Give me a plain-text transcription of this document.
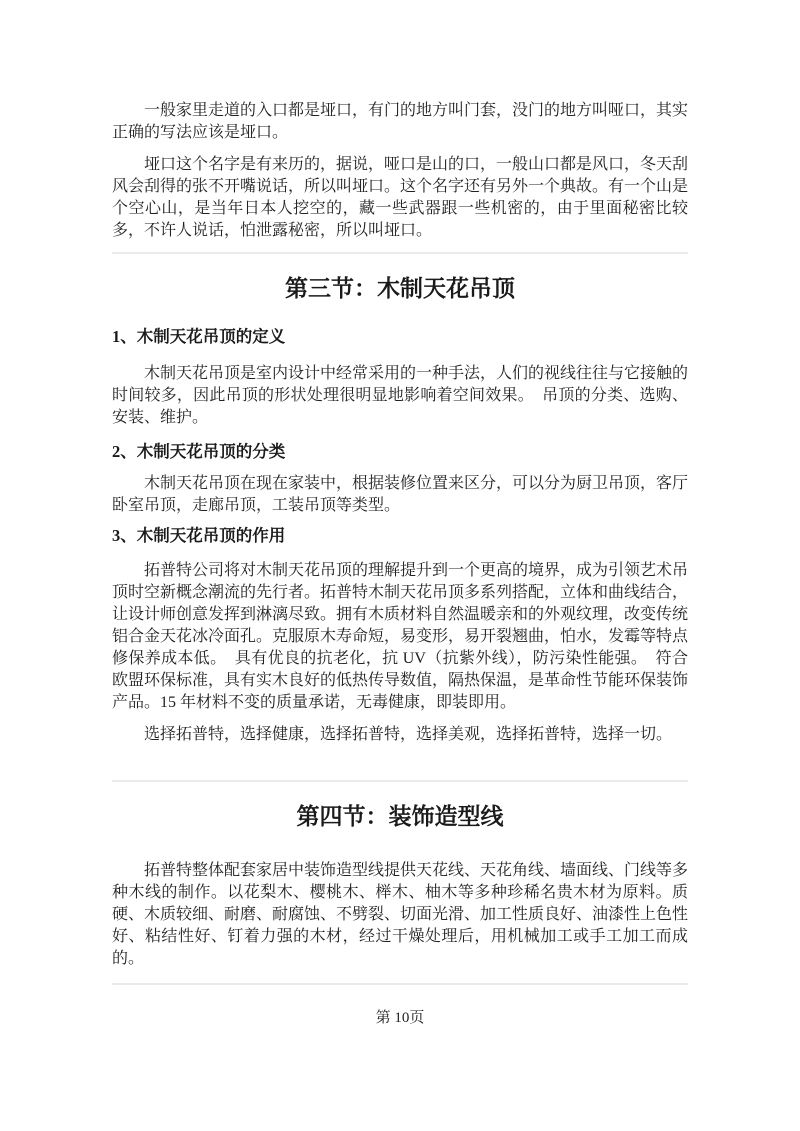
一般家里走道的入口都是垭口，有门的地方叫门套，没门的地方叫哑口，其实正确的写法应该是垭口。

垭口这个名字是有来历的，据说，哑口是山的口，一般山口都是风口，冬天刮风会刮得的张不开嘴说话，所以叫垭口。这个名字还有另外一个典故。有一个山是个空心山，是当年日本人挖空的，藏一些武器跟一些机密的，由于里面秘密比较多，不许人说话，怕泄露秘密，所以叫垭口。

第三节：木制天花吊顶
1、木制天花吊顶的定义

木制天花吊顶是室内设计中经常采用的一种手法，人们的视线往往与它接触的时间较多，因此吊顶的形状处理很明显地影响着空间效果。　吊顶的分类、选购、安装、维护。

2、木制天花吊顶的分类

木制天花吊顶在现在家装中，根据装修位置来区分，可以分为厨卫吊顶，客厅卧室吊顶，走廊吊顶，工装吊顶等类型。

3、木制天花吊顶的作用

拓普特公司将对木制天花吊顶的理解提升到一个更高的境界，成为引领艺术吊顶时空新概念潮流的先行者。拓普特木制天花吊顶多系列搭配，立体和曲线结合，让设计师创意发挥到淋漓尽致。拥有木质材料自然温暖亲和的外观纹理，改变传统铝合金天花冰冷面孔。克服原木寿命短，易变形，易开裂翘曲，怕水，发霉等特点修保养成本低。　具有优良的抗老化，抗 UV（抗紫外线），防污染性能强。　符合欧盟环保标准，具有实木良好的低热传导数值，隔热保温，是革命性节能环保装饰产品。15 年材料不变的质量承诺，无毒健康，即装即用。

选择拓普特，选择健康，选择拓普特，选择美观，选择拓普特，选择一切。

第四节：装饰造型线

拓普特整体配套家居中装饰造型线提供天花线、天花角线、墙面线、门线等多种木线的制作。以花梨木、樱桃木、榉木、柚木等多种珍稀名贵木材为原料。质硬、木质较细、耐磨、耐腐蚀、不劈裂、切面光滑、加工性质良好、油漆性上色性好、粘结性好、钉着力强的木材，经过干燥处理后，用机械加工或手工加工而成的。

第 10页
